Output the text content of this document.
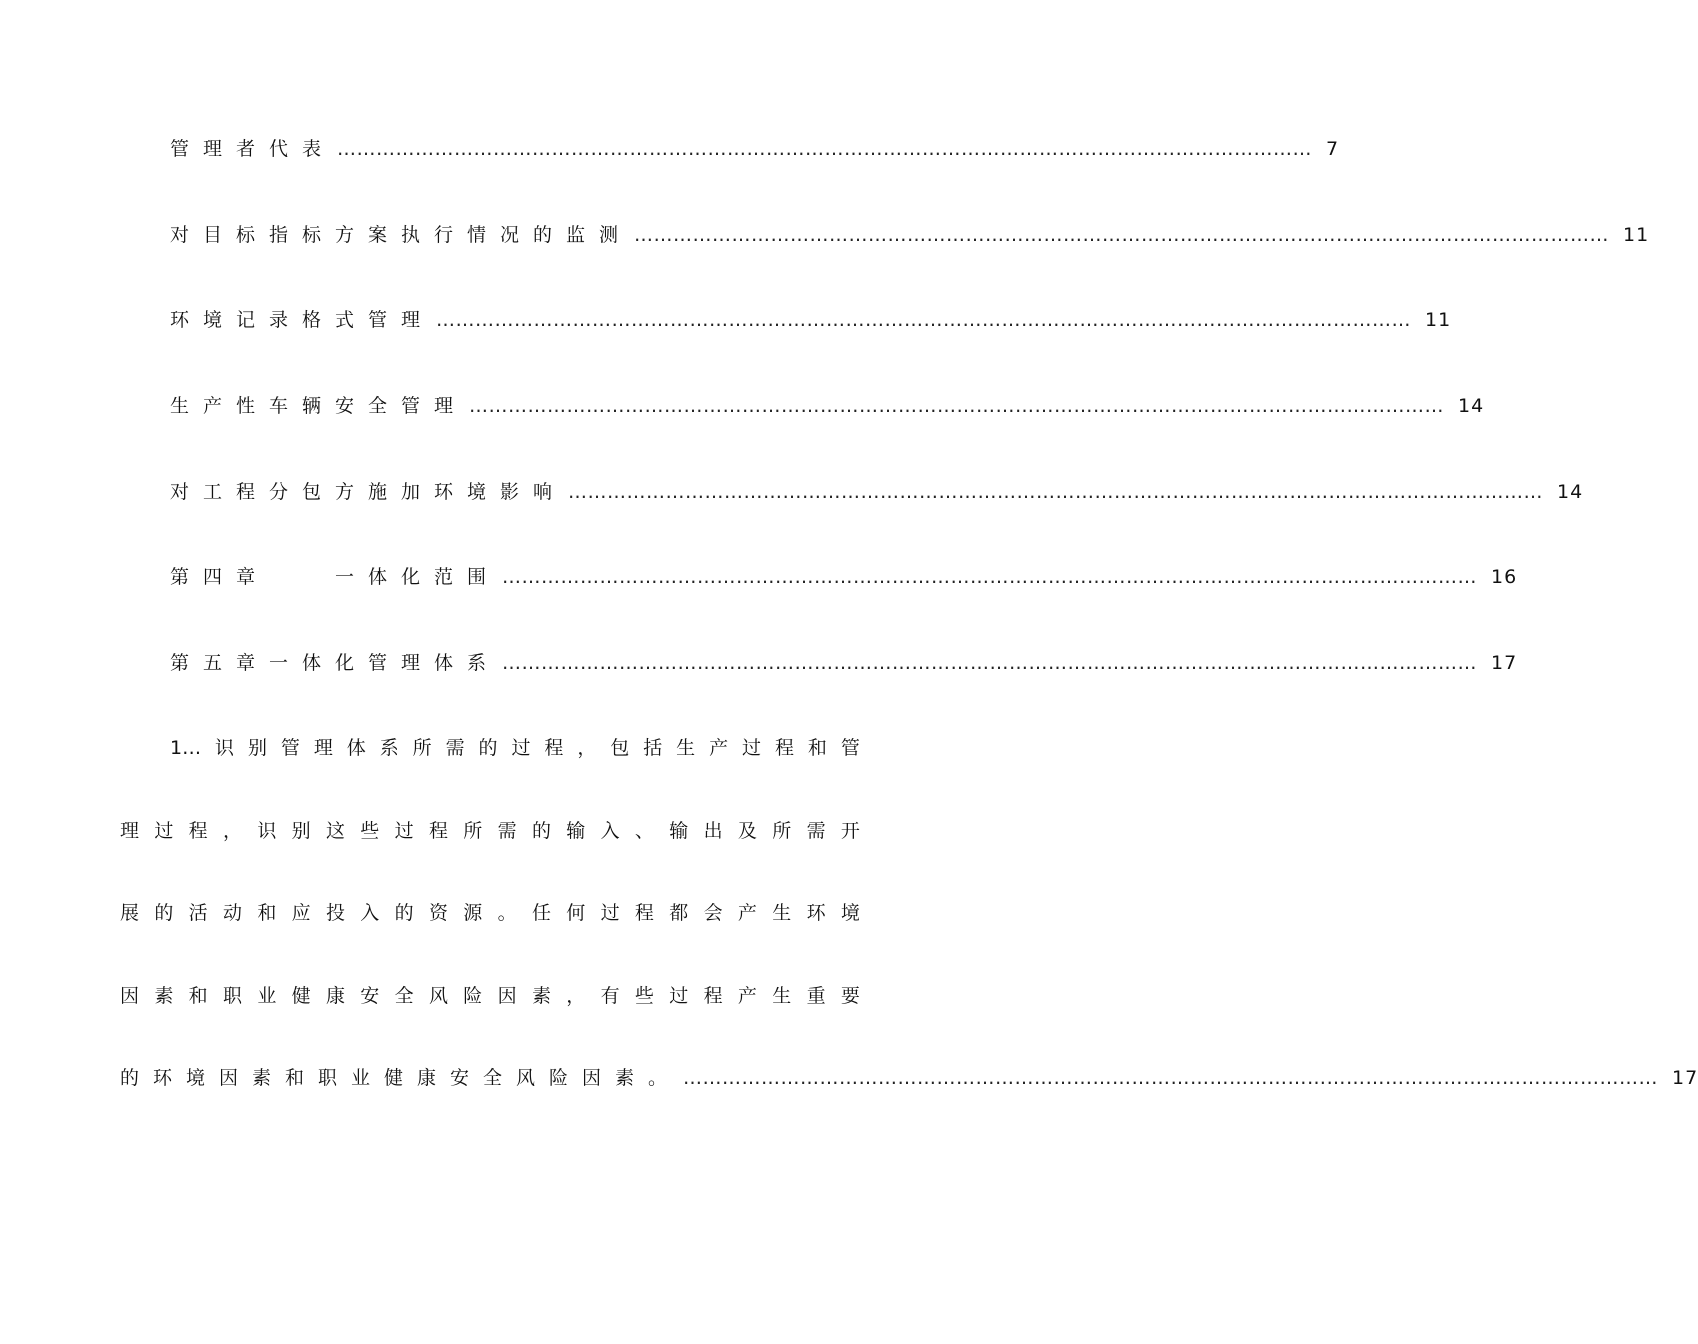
管理者代表 …………………………………………………………………………………………………………………………………… 7
对目标指标方案执行情况的监测 …………………………………………………………………………………………………………………………………… 11
环境记录格式管理 …………………………………………………………………………………………………………………………………… 11
生产性车辆安全管理 …………………………………………………………………………………………………………………………………… 14
对工程分包方施加环境影响 …………………………………………………………………………………………………………………………………… 14
第四章　　一体化范围 …………………………………………………………………………………………………………………………………… 16
第五章一体化管理体系 …………………………………………………………………………………………………………………………………… 17
1… 识 别 管 理 体 系 所 需 的 过 程 ， 包 括 生 产 过 程 和 管
理 过 程 ， 识 别 这 些 过 程 所 需 的 输 入 、 输 出 及 所 需 开
展 的 活 动 和 应 投 入 的 资 源 。 任 何 过 程 都 会 产 生 环 境
因 素 和 职 业 健 康 安 全 风 险 因 素 ， 有 些 过 程 产 生 重 要
的环境因素和职业健康安全风险因素。 …………………………………………………………………………………………………………………………………… 17
